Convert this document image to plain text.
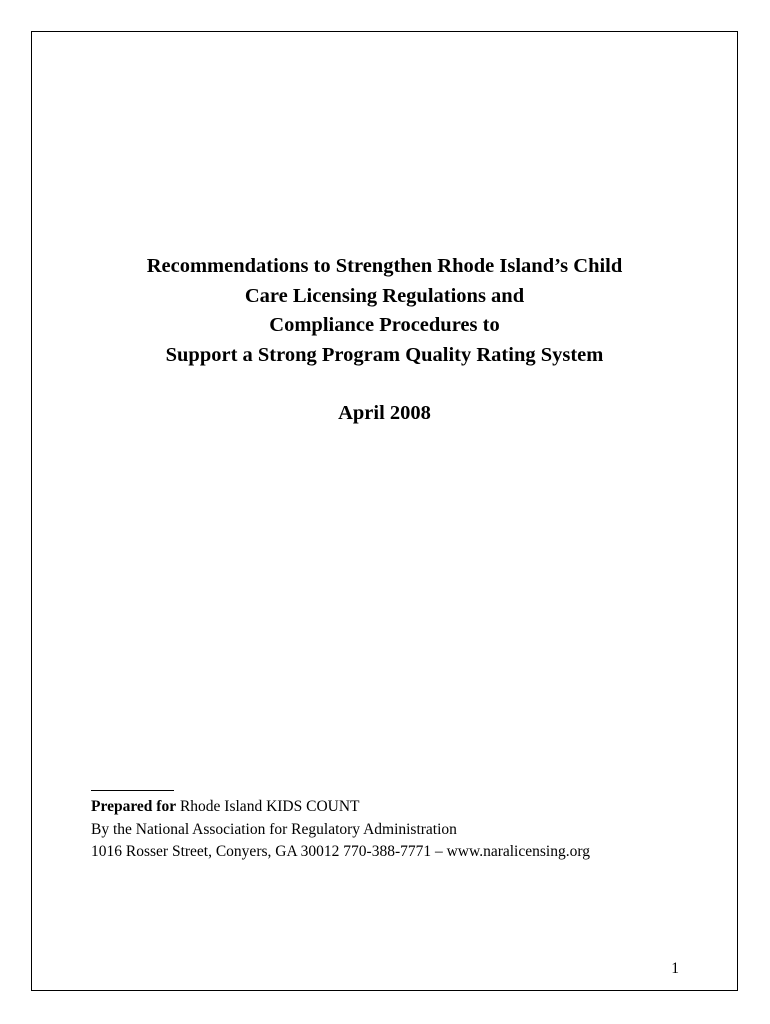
Recommendations to Strengthen Rhode Island’s Child

Care Licensing Regulations and

Compliance Procedures to

Support a Strong Program Quality Rating System

April 2008

Prepared for Rhode Island KIDS COUNT

By the National Association for Regulatory Administration

1016 Rosser Street, Conyers, GA 30012 770-388-7771 – www.naralicensing.org

1
